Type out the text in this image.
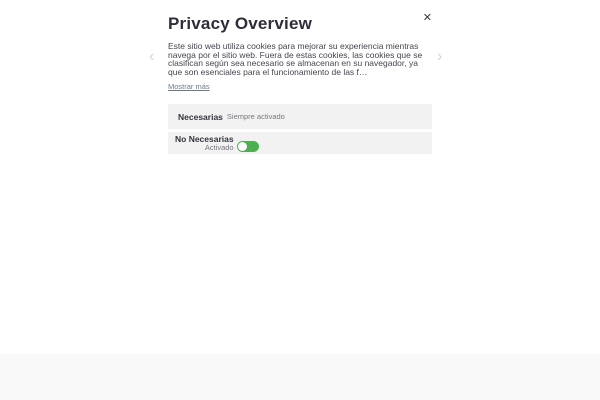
‹	›
✕
Privacy Overview

Este sitio web utiliza cookies para mejorar su experiencia mientras navega por el sitio web. Fuera de estas cookies, las cookies que se clasifican según sea necesario se almacenan en su navegador, ya que son esenciales para el funcionamiento de las f…

Mostrar más
Necesarias Siempre activado
No Necesarias
Activado
